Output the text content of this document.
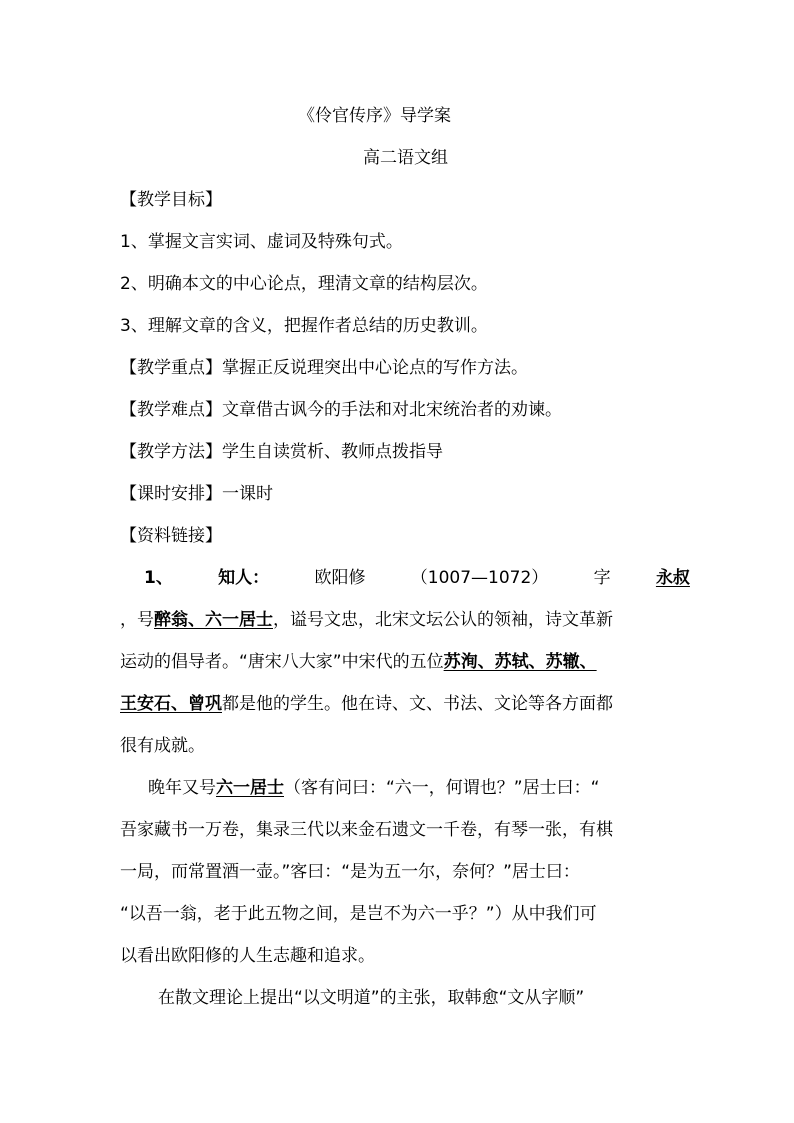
《伶官传序》导学案
高二语文组
【教学目标】
1、掌握文言实词、虚词及特殊句式。
2、明确本文的中心论点，理清文章的结构层次。
3、理解文章的含义，把握作者总结的历史教训。
【教学重点】掌握正反说理突出中心论点的写作方法。
【教学难点】文章借古讽今的手法和对北宋统治者的劝谏。
【教学方法】学生自读赏析、教师点拨指导
【课时安排】一课时
【资料链接】
1、	知人：	欧阳修	（1007—1072）	字	永叔
，号醉翁、六一居士，谥号文忠，北宋文坛公认的领袖，诗文革新
运动的倡导者。“唐宋八大家”中宋代的五位苏洵、苏轼、苏辙、
王安石、曾巩都是他的学生。他在诗、文、书法、文论等各方面都
很有成就。
晚年又号六一居士（客有问曰：“六一，何谓也？”居士曰：“
吾家藏书一万卷，集录三代以来金石遗文一千卷，有琴一张，有棋
一局，而常置酒一壶。”客曰：“是为五一尔，奈何？”居士曰：
“以吾一翁，老于此五物之间，是岂不为六一乎？”）从中我们可
以看出欧阳修的人生志趣和追求。
在散文理论上提出“以文明道”的主张，取韩愈“文从字顺”
